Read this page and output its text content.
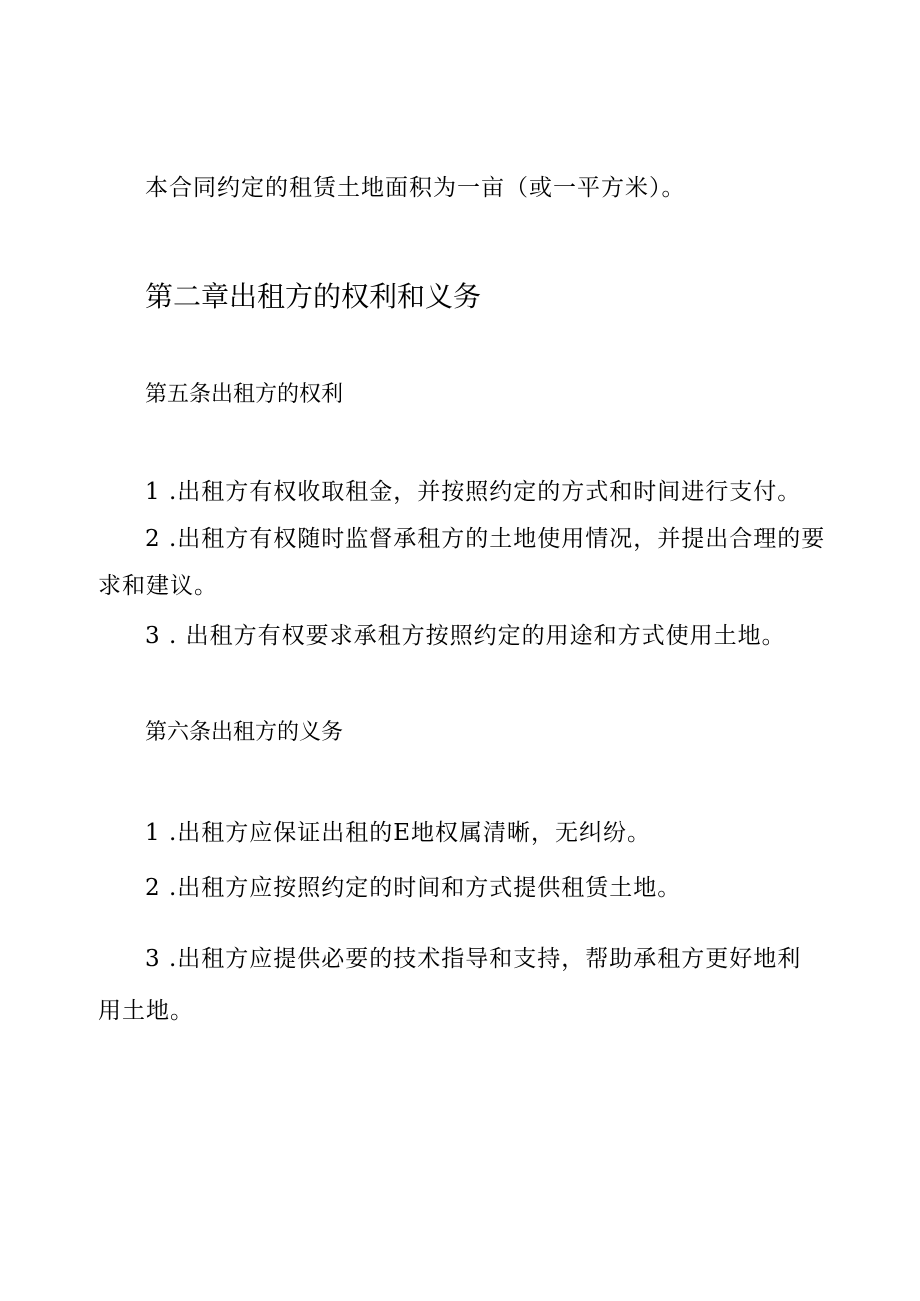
本合同约定的租赁土地面积为一亩（或一平方米）。
第二章出租方的权利和义务
第五条出租方的权利
1 .出租方有权收取租金，并按照约定的方式和时间进行支付。
2 .出租方有权随时监督承租方的土地使用情况，并提出合理的要
求和建议。
3 . 出租方有权要求承租方按照约定的用途和方式使用土地。
第六条出租方的义务
1 .出租方应保证出租的E地权属清晰，无纠纷。
2 .出租方应按照约定的时间和方式提供租赁土地。
3 .出租方应提供必要的技术指导和支持，帮助承租方更好地利
用土地。
